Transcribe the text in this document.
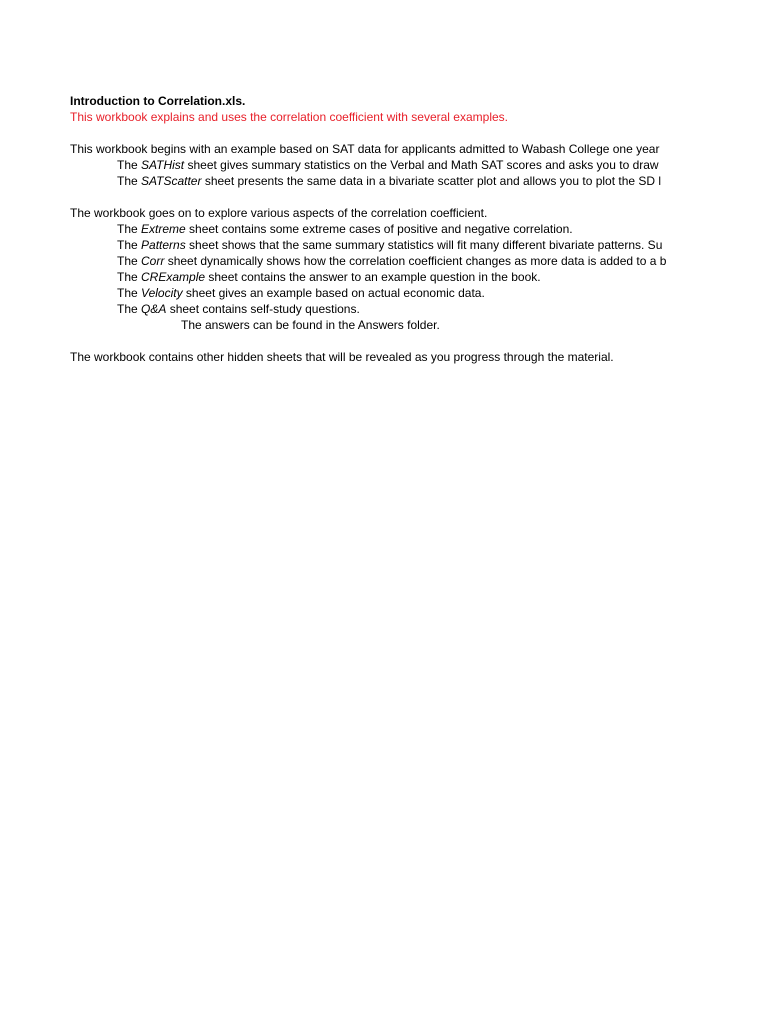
Introduction to Correlation.xls.
This workbook explains and uses the correlation coefficient with several examples.
This workbook begins with an example based on SAT data for applicants admitted to Wabash College one year
The SATHist sheet gives summary statistics on the Verbal and Math SAT scores and asks you to draw
The SATScatter sheet presents the same data in a bivariate scatter plot and allows you to plot the SD l
The workbook goes on to explore various aspects of the correlation coefficient.
The Extreme sheet contains some extreme cases of positive and negative correlation.
The Patterns sheet shows that the same summary statistics will fit many different bivariate patterns. Su
The Corr sheet dynamically shows how the correlation coefficient changes as more data is added to a b
The CRExample sheet contains the answer to an example question in the book.
The Velocity sheet gives an example based on actual economic data.
The Q&A sheet contains self-study questions.
The answers can be found in the Answers folder.
The workbook contains other hidden sheets that will be revealed as you progress through the material.
